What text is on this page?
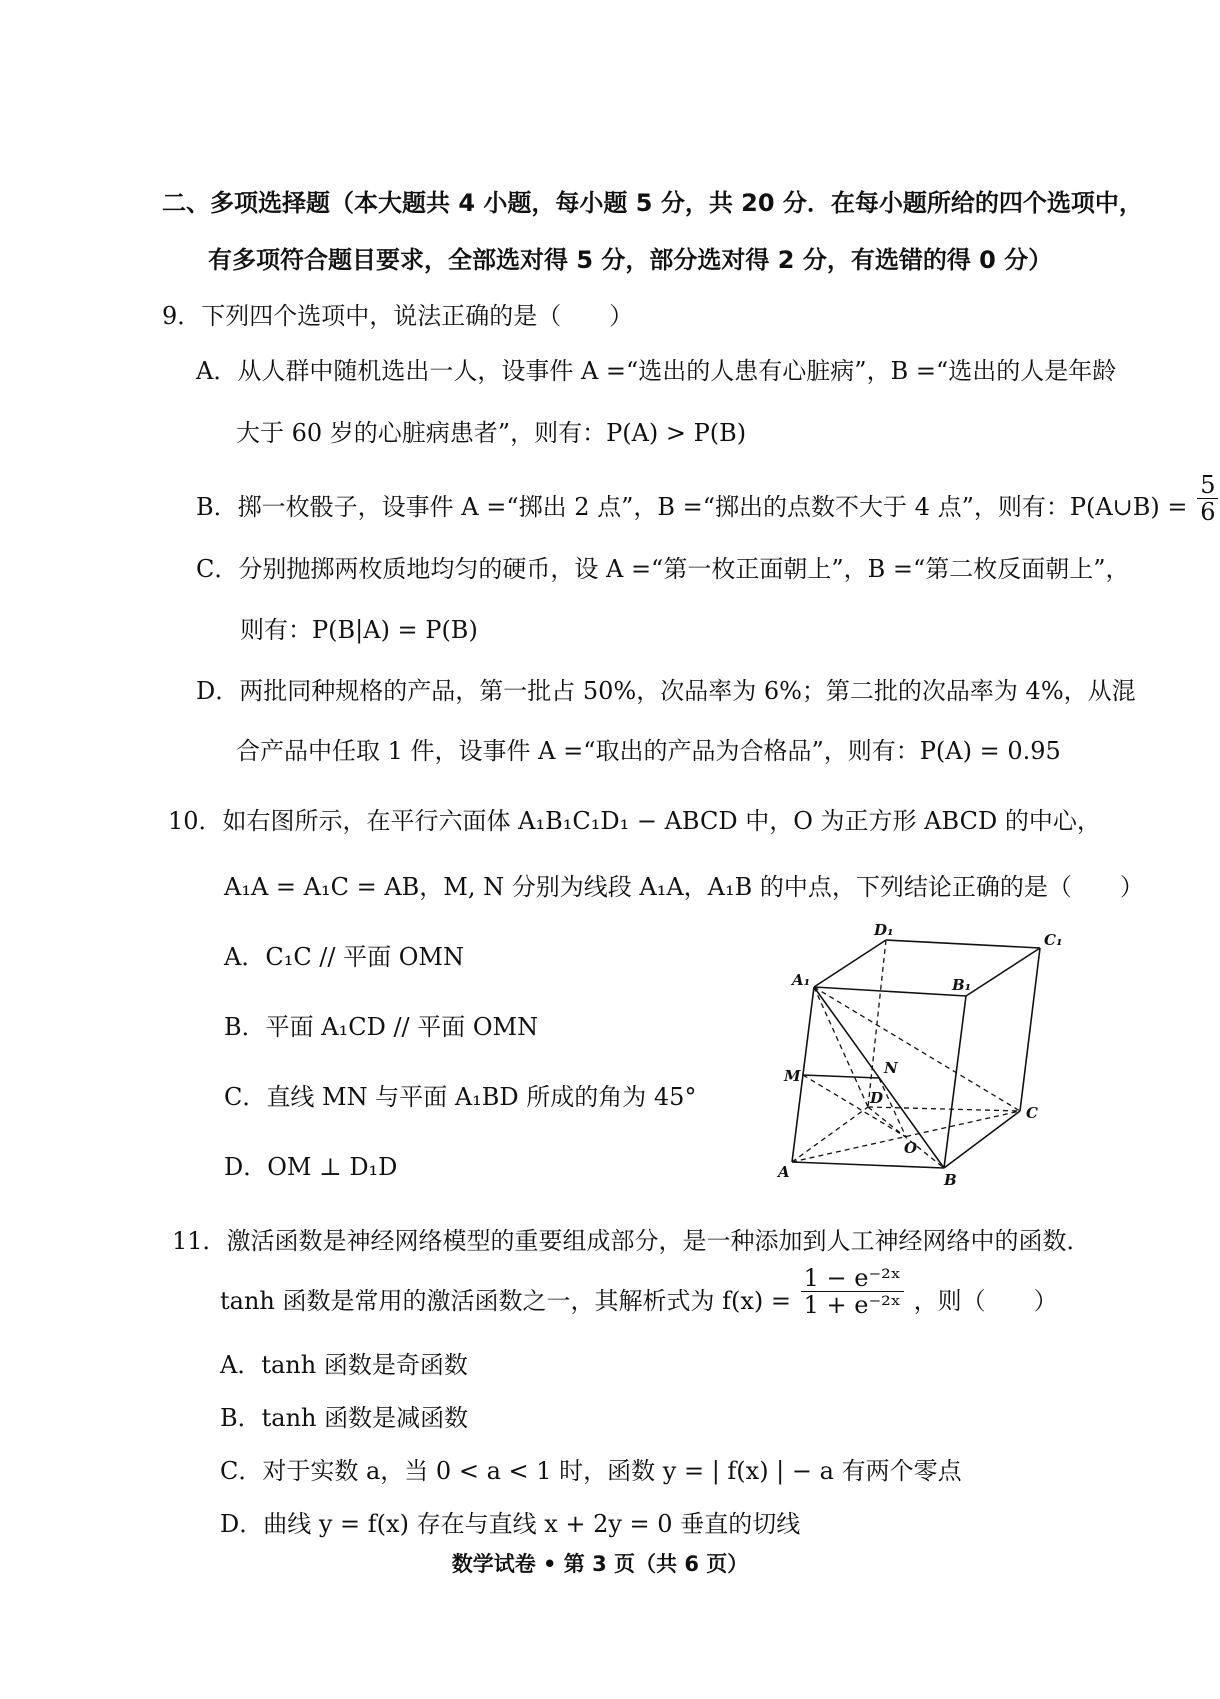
二、多项选择题（本大题共 4 小题，每小题 5 分，共 20 分．在每小题所给的四个选项中，
有多项符合题目要求，全部选对得 5 分，部分选对得 2 分，有选错的得 0 分）
9．下列四个选项中，说法正确的是（　　）
A．从人群中随机选出一人，设事件 A =“选出的人患有心脏病”，B =“选出的人是年龄
大于 60 岁的心脏病患者”，则有：P(A) > P(B)
B．掷一枚骰子，设事件 A =“掷出 2 点”，B =“掷出的点数不大于 4 点”，则有：P(A∪B) = $\frac{5}{6}$
C．分别抛掷两枚质地均匀的硬币，设 A =“第一枚正面朝上”，B =“第二枚反面朝上”，
则有：P(B|A) = P(B)
D．两批同种规格的产品，第一批占 50%，次品率为 6%；第二批的次品率为 4%，从混
合产品中任取 1 件，设事件 A =“取出的产品为合格品”，则有：P(A) = 0.95
10．如右图所示，在平行六面体 A₁B₁C₁D₁ − ABCD 中，O 为正方形 ABCD 的中心，
A₁A = A₁C = AB，M, N 分别为线段 A₁A，A₁B 的中点，下列结论正确的是（　　）
A．C₁C // 平面 OMN
B．平面 A₁CD // 平面 OMN
C．直线 MN 与平面 A₁BD 所成的角为 45°
D．OM ⊥ D₁D
D₁
C₁
A₁	B₁
M	N
D
C
O
A	B
11．激活函数是神经网络模型的重要组成部分，是一种添加到人工神经网络中的函数．
tanh 函数是常用的激活函数之一，其解析式为 $f(x) = \frac{\text{1 − e⁻²ˣ}}{\text{1 + e⁻²ˣ}}$ ，则（　　）
A．tanh 函数是奇函数
B．tanh 函数是减函数
C．对于实数 a，当 0 < a < 1 时，函数 y = | f(x) | − a 有两个零点
D．曲线 y = f(x) 存在与直线 x + 2y = 0 垂直的切线
数学试卷 • 第 3 页（共 6 页）
